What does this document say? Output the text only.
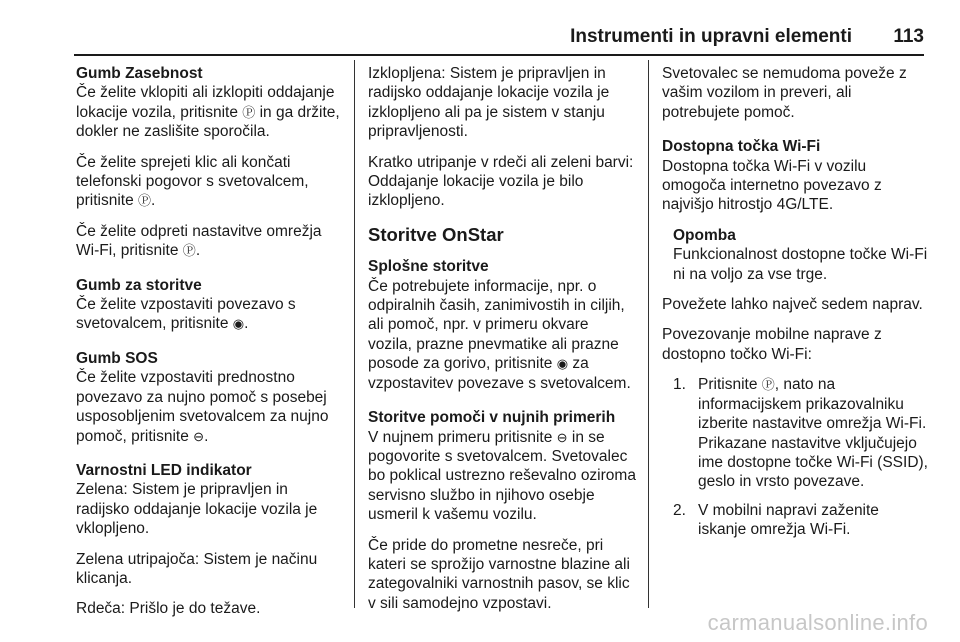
Instrumenti in upravni elementi 113
Gumb Zasebnost
Če želite vklopiti ali izklopiti oddajanje lokacije vozila, pritisnite Ⓟ in ga držite, dokler ne zaslišite sporočila.
Če želite sprejeti klic ali končati telefonski pogovor s svetovalcem, pritisnite Ⓟ.
Če želite odpreti nastavitve omrežja Wi-Fi, pritisnite Ⓟ.
Gumb za storitve
Če želite vzpostaviti povezavo s svetovalcem, pritisnite ◉.
Gumb SOS
Če želite vzpostaviti prednostno povezavo za nujno pomoč s posebej usposobljenim svetovalcem za nujno pomoč, pritisnite ⊖.
Varnostni LED indikator
Zelena: Sistem je pripravljen in radijsko oddajanje lokacije vozila je vklopljeno.
Zelena utripajoča: Sistem je načinu klicanja.
Rdeča: Prišlo je do težave.
Izklopljena: Sistem je pripravljen in radijsko oddajanje lokacije vozila je izklopljeno ali pa je sistem v stanju pripravljenosti.
Kratko utripanje v rdeči ali zeleni barvi: Oddajanje lokacije vozila je bilo izklopljeno.
Storitve OnStar
Splošne storitve
Če potrebujete informacije, npr. o odpiralnih časih, zanimivostih in ciljih, ali pomoč, npr. v primeru okvare vozila, prazne pnevmatike ali prazne posode za gorivo, pritisnite ◉ za vzpostavitev povezave s svetovalcem.
Storitve pomoči v nujnih primerih
V nujnem primeru pritisnite ⊖ in se pogovorite s svetovalcem. Svetovalec bo poklical ustrezno reševalno oziroma servisno službo in njihovo osebje usmeril k vašemu vozilu.
Če pride do prometne nesreče, pri kateri se sprožijo varnostne blazine ali zategovalniki varnostnih pasov, se klic v sili samodejno vzpostavi.
Svetovalec se nemudoma poveže z vašim vozilom in preveri, ali potrebujete pomoč.
Dostopna točka Wi-Fi
Dostopna točka Wi-Fi v vozilu omogoča internetno povezavo z najvišjo hitrostjo 4G/LTE.
Opomba
Funkcionalnost dostopne točke Wi-Fi ni na voljo za vse trge.
Povežete lahko največ sedem naprav.
Povezovanje mobilne naprave z dostopno točko Wi-Fi:
1. Pritisnite Ⓟ, nato na informacijskem prikazovalniku izberite nastavitve omrežja Wi-Fi. Prikazane nastavitve vključujejo ime dostopne točke Wi-Fi (SSID), geslo in vrsto povezave.
2. V mobilni napravi zaženite iskanje omrežja Wi-Fi.
carmanualsonline.info
